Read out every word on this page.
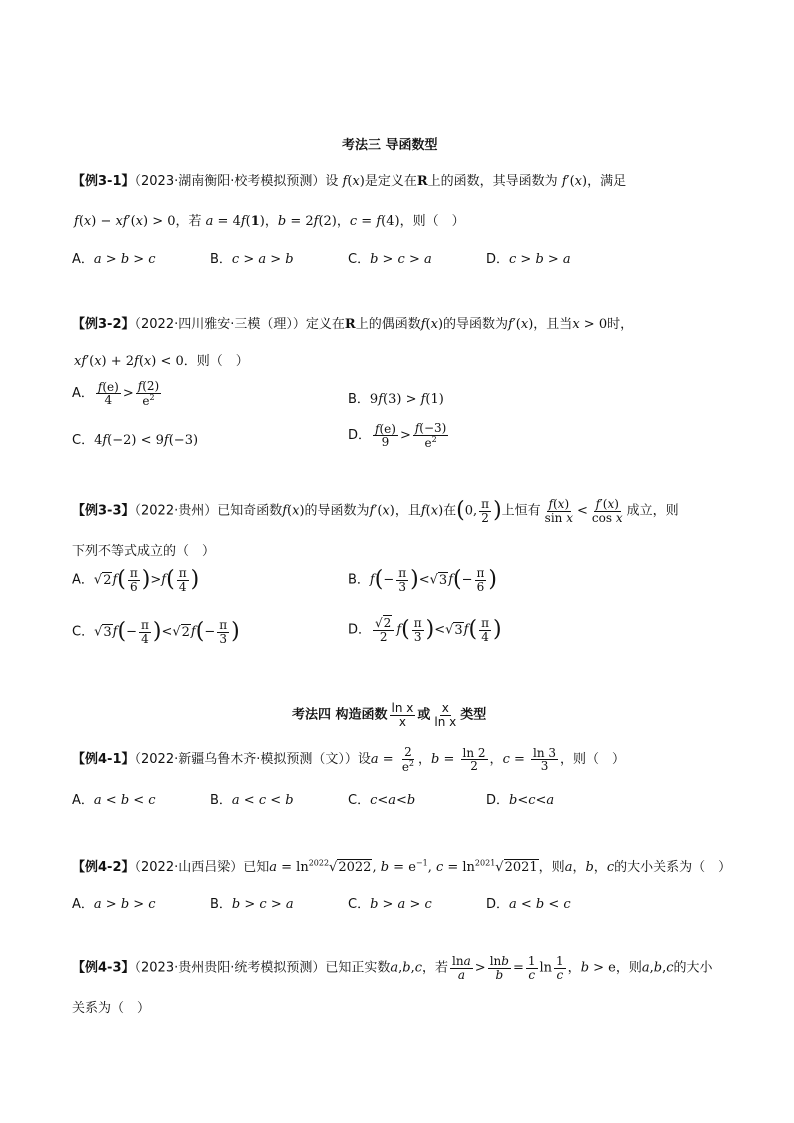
考法三 导函数型
【例3-1】（2023·湖南衡阳·校考模拟预测）设 f(x)是定义在R上的函数，其导函数为 f′(x)，满足
f(x) − xf′(x) > 0，若 a = 4f(1)，b = 2f(2)，c = f(4)，则（　）
A．a > b > c	B．c > a > b	C．b > c > a	D．c > b > a
【例3-2】（2022·四川雅安·三模（理））定义在R上的偶函数f(x)的导函数为f′(x)，且当x > 0时，
xf′(x) + 2f(x) < 0．则（　）
A． $\frac{f(e)}{4} > \frac{f(2)}{e^2}$	B．9f(3) > f(1)
C．4f(−2) < 9f(−3)	D． $\frac{f(e)}{9} > \frac{f(-3)}{e^2}$
【例3-3】（2022·贵州）已知奇函数f(x)的导函数为f′(x)，且f(x)在(0, $\frac{\pi}{2}$ )上恒有 $\frac{f(x)}{\text{sin x}} < \frac{f'(x)}{\text{cos x}}$ 成立，则
下列不等式成立的（　）
A．$√2f( \frac{\pi}{6} )>f( \frac{\pi}{4}$ )	B．$f(- \frac{\pi}{3} )<√3f(- \frac{\pi}{6}$ )
C．$√3f(- \frac{\pi}{4} )<√2f(- \frac{\pi}{3}$ )	D． $\frac{√2}{2} f( \frac{\pi}{3} )<√3f( \frac{\pi}{4}$ )
考法四 构造函数 $\frac{\text{ln x}}{x}$ 或 $\frac{x}{\text{ln x}}$ 类型
【例4-1】（2022·新疆乌鲁木齐·模拟预测（文））设$a = \frac{2}{e^2}$ ，$b = \frac{\ln 2}{2}$ ，$c = \frac{\ln 3}{3}$ ，则（　）
A．a < b < c	B．a < c < b	C．c<a<b	D．b<c<a
【例4-2】（2022·山西吕梁）已知$a = \ln^{2022}√2022$, $b = e^{-1}$, $c = \ln^{2021}√2021$，则a，b，c的大小关系为（　）
A．a > b > c	B．b > c > a	C．b > a > c	D．a < b < c
【例4-3】（2023·贵州贵阳·统考模拟预测）已知正实数a,b,c，若 $\frac{\ln a}{a} > \frac{\ln b}{b} = \frac{1}{c}$ $\ln \frac{1}{c}$ ，b > e，则a,b,c的大小
关系为（　）
